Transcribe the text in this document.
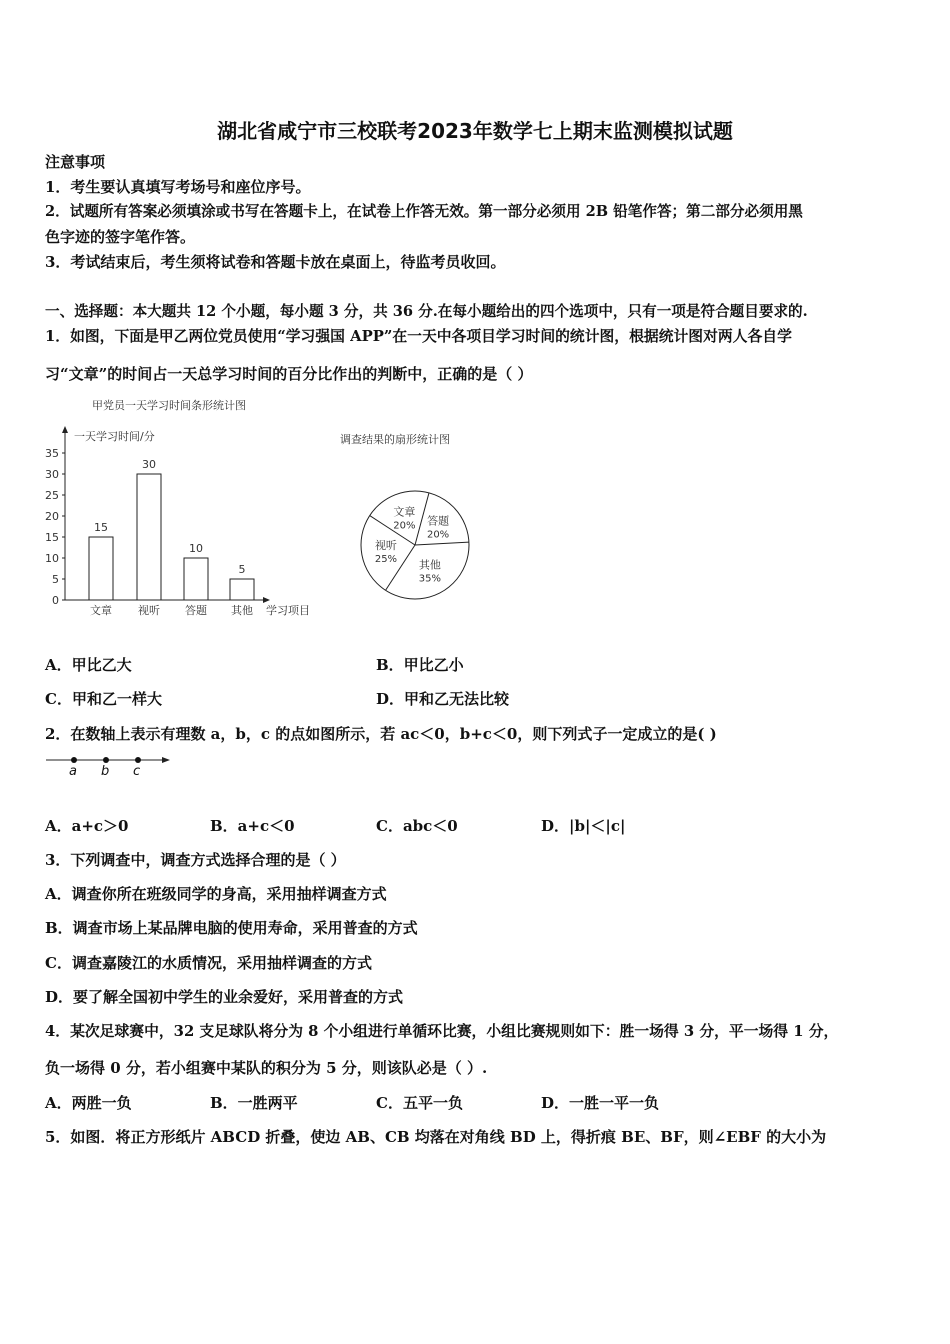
湖北省咸宁市三校联考2023年数学七上期末监测模拟试题
注意事项
1．考生要认真填写考场号和座位序号。
2．试题所有答案必须填涂或书写在答题卡上，在试卷上作答无效。第一部分必须用 2B 铅笔作答；第二部分必须用黑
色字迹的签字笔作答。
3．考试结束后，考生须将试卷和答题卡放在桌面上，待监考员收回。
一、选择题：本大题共 12 个小题，每小题 3 分，共 36 分.在每小题给出的四个选项中，只有一项是符合题目要求的.
1．如图，下面是甲乙两位党员使用“学习强国 APP”在一天中各项目学习时间的统计图，根据统计图对两人各自学
习“文章”的时间占一天总学习时间的百分比作出的判断中，正确的是（ ）
甲党员一天学习时间条形统计图
一天学习时间/分
学习项目
0
5
10
15
20
25
30
35
15
文章
30
视听
10
答题
5
其他
调查结果的扇形统计图
答题
20%
其他
35%
视听
25%
文章
20%
A．甲比乙大	B．甲比乙小
C．甲和乙一样大	D．甲和乙无法比较
2．在数轴上表示有理数 a，b，c 的点如图所示，若 ac＜0，b+c＜0，则下列式子一定成立的是( )
a b c
A．a+c＞0	B．a+c＜0	C．abc＜0	D．|b|＜|c|
3．下列调查中，调查方式选择合理的是（ ）
A．调查你所在班级同学的身高，采用抽样调查方式
B．调查市场上某品牌电脑的使用寿命，采用普查的方式
C．调查嘉陵江的水质情况，采用抽样调查的方式
D．要了解全国初中学生的业余爱好，采用普查的方式
4．某次足球赛中，32 支足球队将分为 8 个小组进行单循环比赛，小组比赛规则如下：胜一场得 3 分，平一场得 1 分，
负一场得 0 分，若小组赛中某队的积分为 5 分，则该队必是（ ）.
A．两胜一负	B．一胜两平	C．五平一负	D．一胜一平一负
5．如图．将正方形纸片 ABCD 折叠，使边 AB、CB 均落在对角线 BD 上，得折痕 BE、BF，则∠EBF 的大小为
